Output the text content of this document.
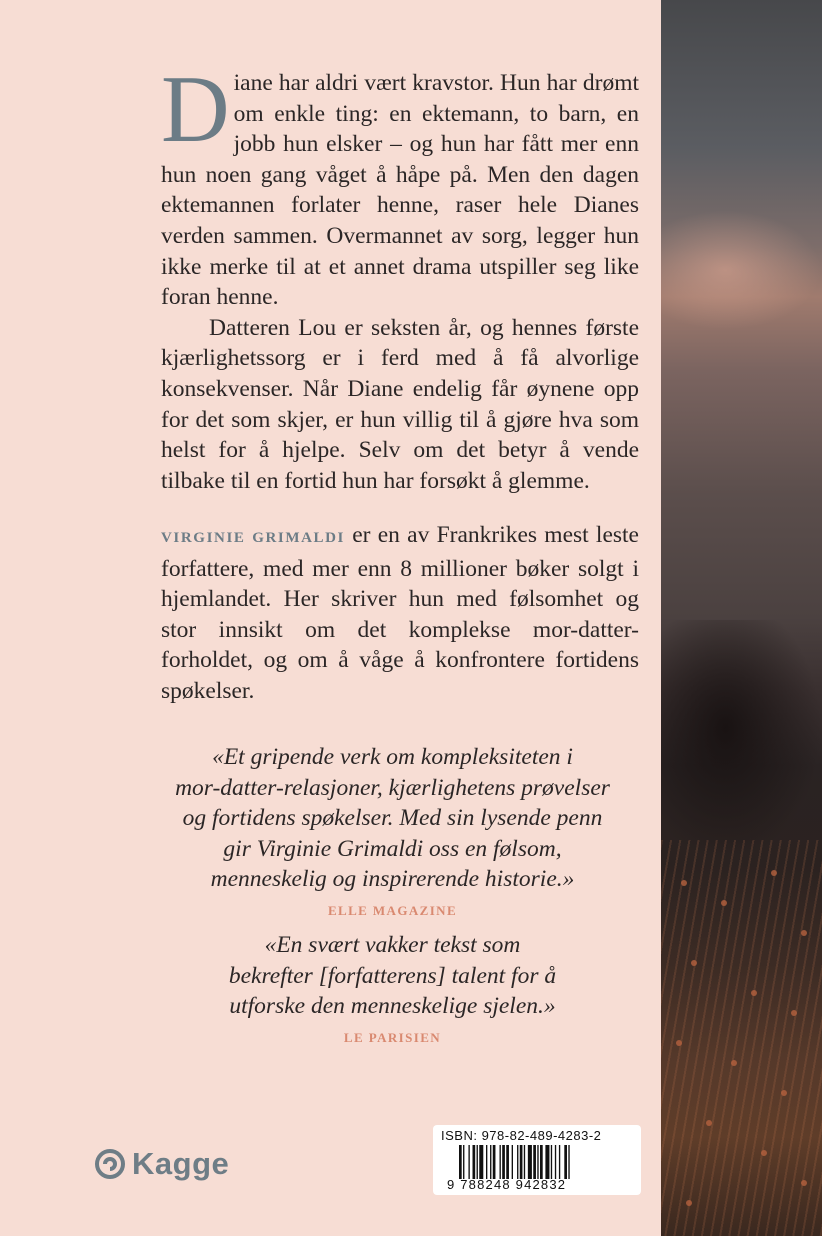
Diane har aldri vært kravstor. Hun har drømt om enkle ting: en ektemann, to barn, en jobb hun elsker – og hun har fått mer enn hun noen gang våget å håpe på. Men den dagen ektemannen forlater henne, raser hele Dianes verden sammen. Overmannet av sorg, legger hun ikke merke til at et annet drama utspiller seg like foran henne.

Datteren Lou er seksten år, og hennes første kjærlighetssorg er i ferd med å få alvorlige konsekvenser. Når Diane endelig får øynene opp for det som skjer, er hun villig til å gjøre hva som helst for å hjelpe. Selv om det betyr å vende tilbake til en fortid hun har forsøkt å glemme.

VIRGINIE GRIMALDI er en av Frankrikes mest leste forfattere, med mer enn 8 millioner bøker solgt i hjemlandet. Her skriver hun med følsomhet og stor innsikt om det komplekse mor-datter-forholdet, og om å våge å konfrontere fortidens spøkelser.

«Et gripende verk om kompleksiteten i

mor-datter-relasjoner, kjærlighetens prøvelser

og fortidens spøkelser. Med sin lysende penn

gir Virginie Grimaldi oss en følsom,

menneskelig og inspirerende historie.»

ELLE MAGAZINE

«En svært vakker tekst som

bekrefter [forfatterens] talent for å

utforske den menneskelige sjelen.»

LE PARISIEN
Kagge
ISBN: 978-82-489-4283-2
9 788248 942832
